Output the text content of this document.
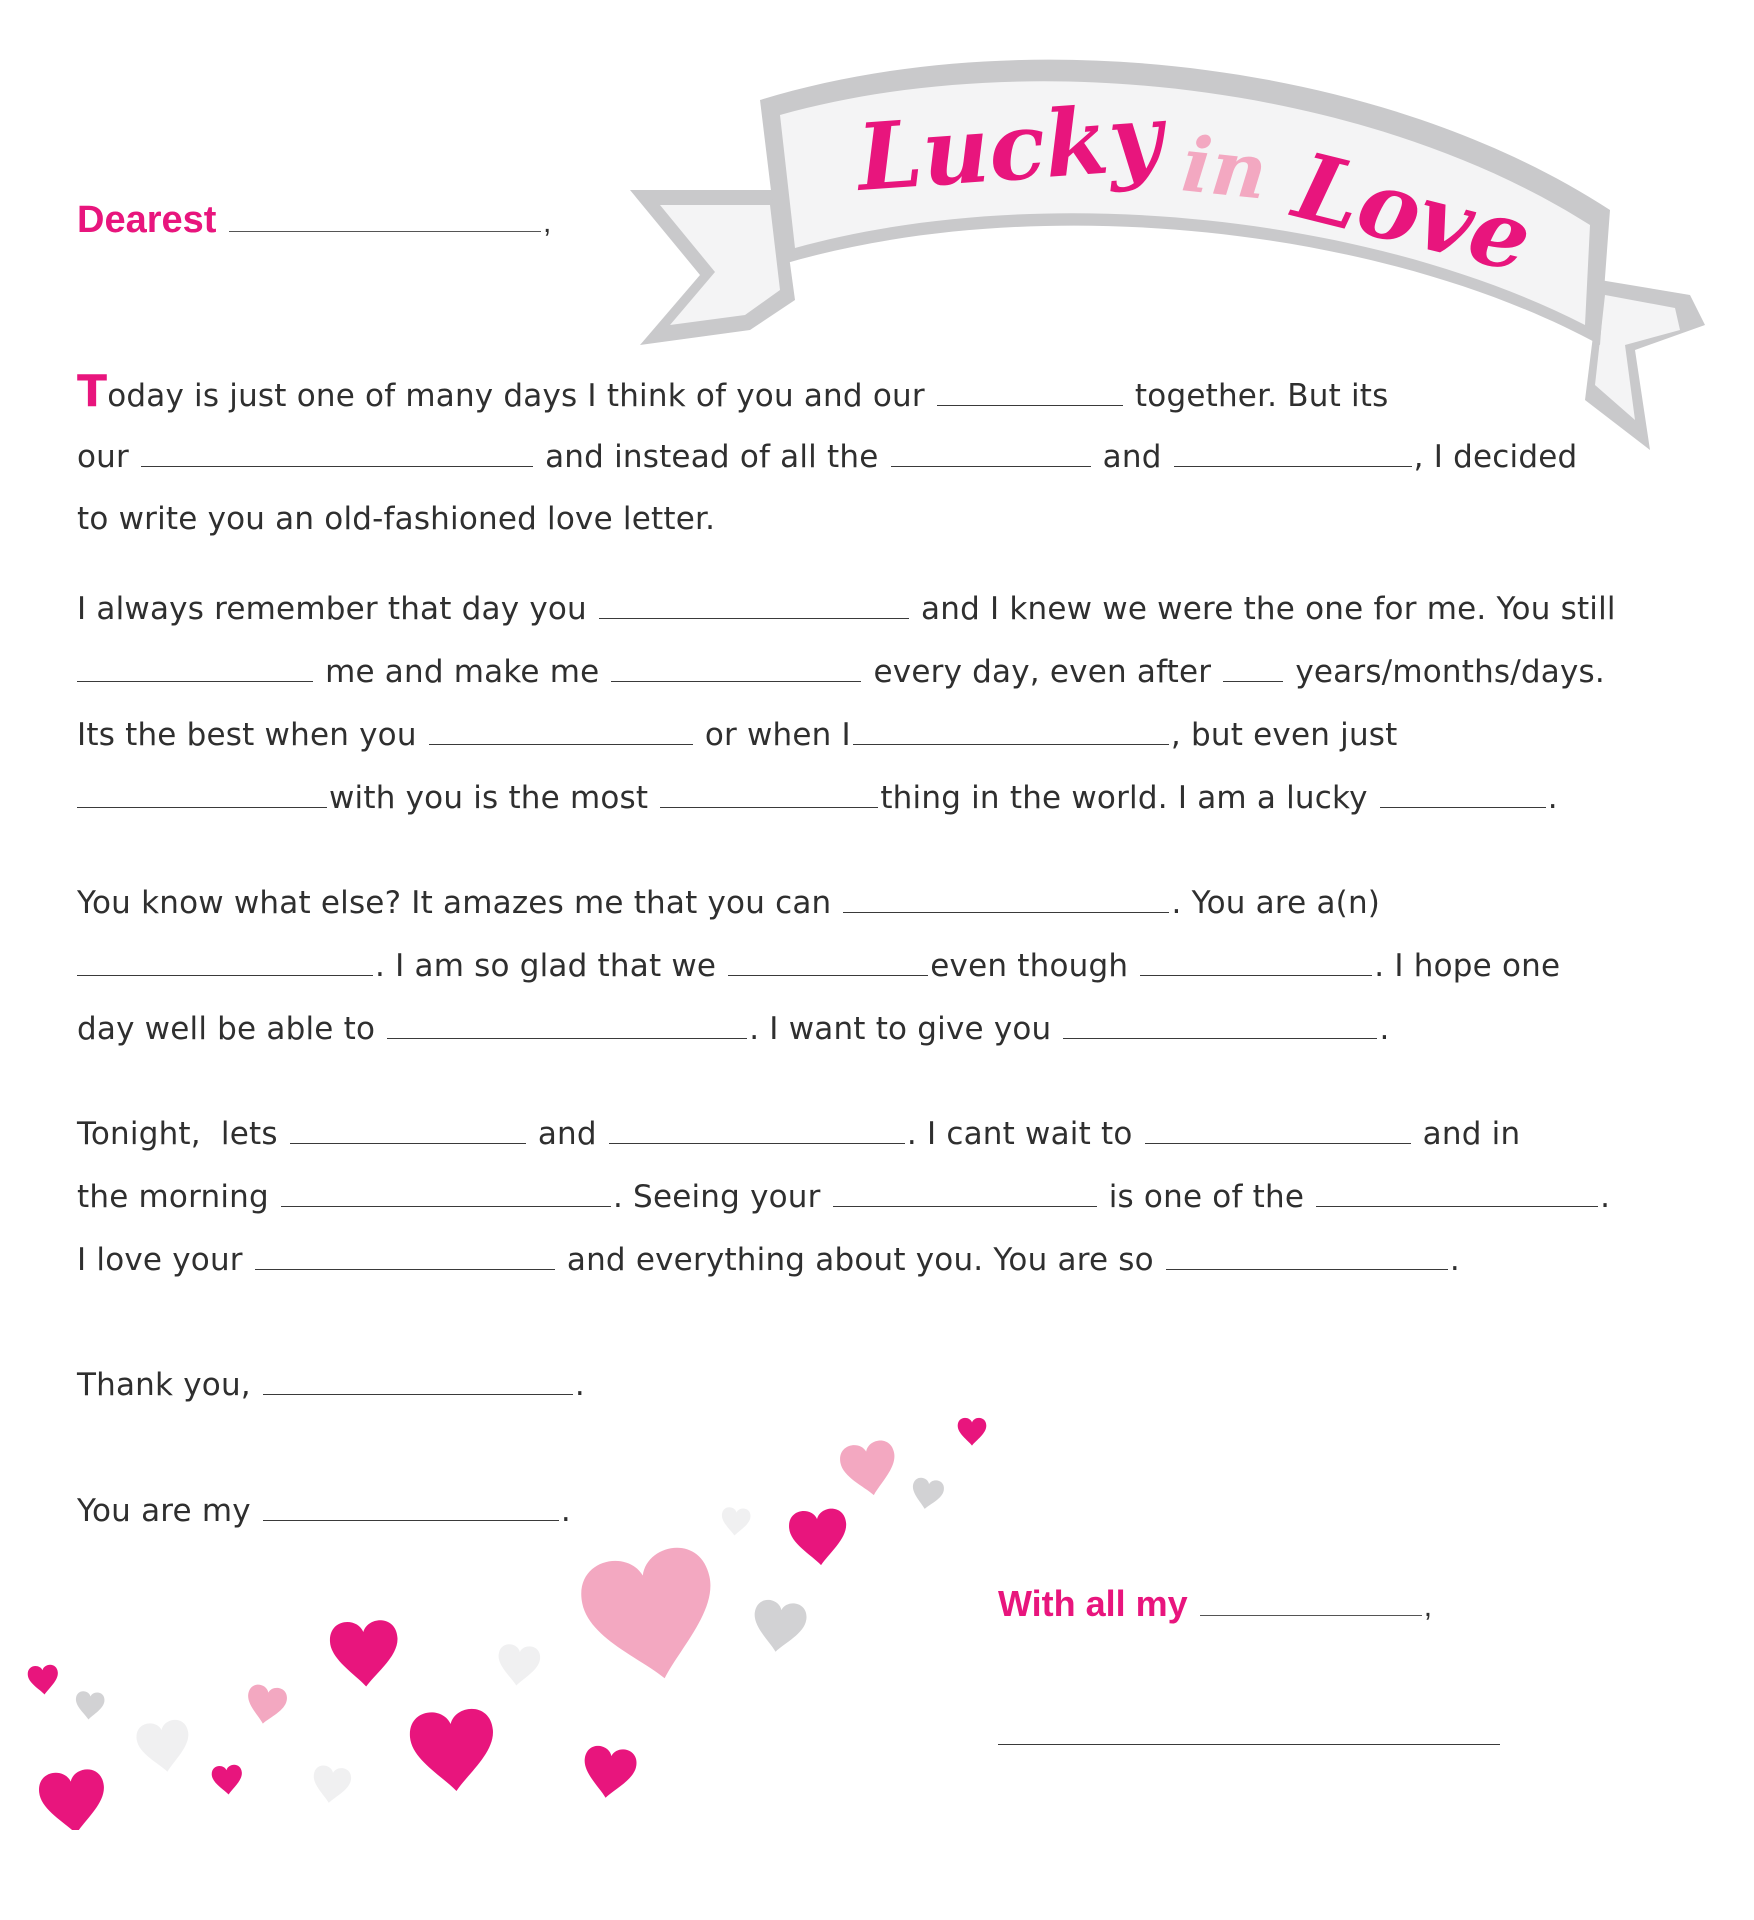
Lucky in Love
Dearest	,
Today is just one of many days I think of you and our	together. But its
our	and instead of all the	and	, I decided
to write you an old-fashioned love letter.
I always remember that day you	and I knew we were the one for me. You still
me and make me	every day, even after	years/months/days.
Its the best when you	or when I	, but even just
with you is the most	thing in the world. I am a lucky	.
You know what else? It amazes me that you can	. You are a(n)
. I am so glad that we	even though	. I hope one
day well be able to	. I want to give you	.
Tonight,  lets	and	. I cant wait to	and in
the morning	. Seeing your	is one of the	.
I love your	and everything about you. You are so	.
Thank you,	.
You are my	.
With all my	,
